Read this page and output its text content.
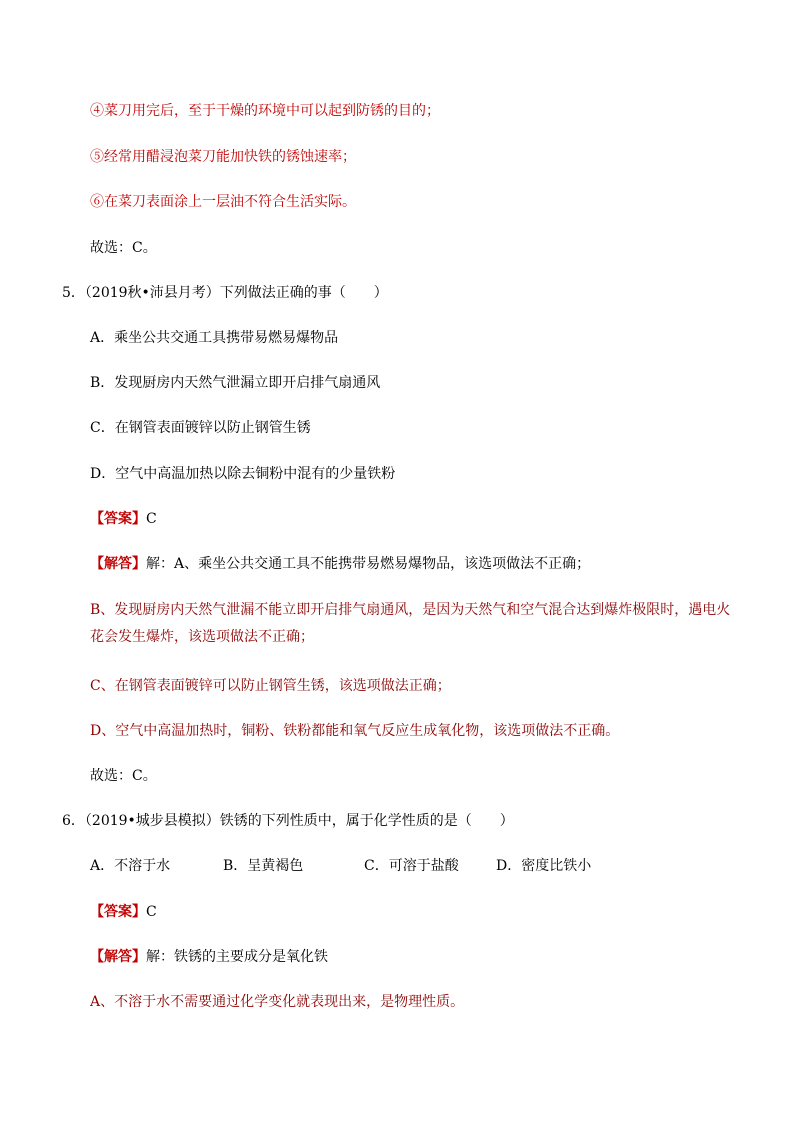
④菜刀用完后，至于干燥的环境中可以起到防锈的目的；
⑤经常用醋浸泡菜刀能加快铁的锈蚀速率；
⑥在菜刀表面涂上一层油不符合生活实际。
故选：C。
5．（2019秋•沛县月考）下列做法正确的事（　　）
A．乘坐公共交通工具携带易燃易爆物品
B．发现厨房内天然气泄漏立即开启排气扇通风
C．在钢管表面镀锌以防止钢管生锈
D．空气中高温加热以除去铜粉中混有的少量铁粉
【答案】C
【解答】解：A、乘坐公共交通工具不能携带易燃易爆物品，该选项做法不正确；
B、发现厨房内天然气泄漏不能立即开启排气扇通风，是因为天然气和空气混合达到爆炸极限时，遇电火
花会发生爆炸，该选项做法不正确；
C、在钢管表面镀锌可以防止钢管生锈，该选项做法正确；
D、空气中高温加热时，铜粉、铁粉都能和氧气反应生成氧化物，该选项做法不正确。
故选：C。
6．（2019•城步县模拟）铁锈的下列性质中，属于化学性质的是（　　）
A．不溶于水	B．呈黄褐色	C．可溶于盐酸	D．密度比铁小
【答案】C
【解答】解：铁锈的主要成分是氧化铁
A、不溶于水不需要通过化学变化就表现出来，是物理性质。
